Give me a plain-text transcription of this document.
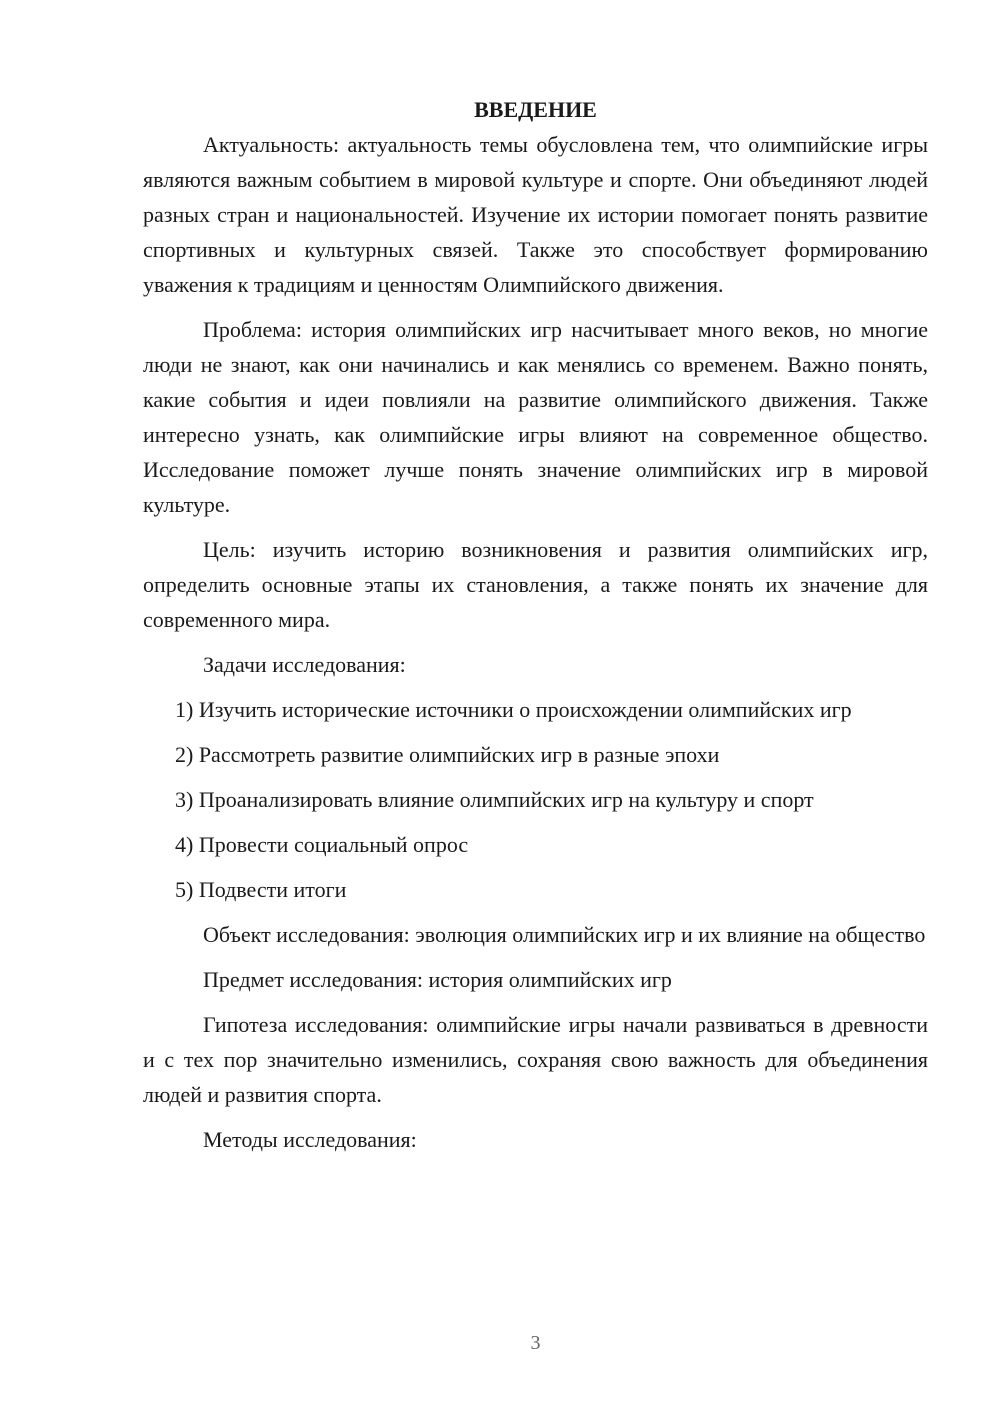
ВВЕДЕНИЕ

Актуальность: актуальность темы обусловлена тем, что олимпийские игры являются важным событием в мировой культуре и спорте. Они объединяют людей разных стран и национальностей. Изучение их истории помогает понять развитие спортивных и культурных связей. Также это способствует формированию уважения к традициям и ценностям Олимпийского движения.

Проблема: история олимпийских игр насчитывает много веков, но многие люди не знают, как они начинались и как менялись со временем. Важно понять, какие события и идеи повлияли на развитие олимпийского движения. Также интересно узнать, как олимпийские игры влияют на современное общество. Исследование поможет лучше понять значение олимпийских игр в мировой культуре.

Цель: изучить историю возникновения и развития олимпийских игр, определить основные этапы их становления, а также понять их значение для современного мира.

Задачи исследования:

1) Изучить исторические источники о происхождении олимпийских игр

2) Рассмотреть развитие олимпийских игр в разные эпохи

3) Проанализировать влияние олимпийских игр на культуру и спорт

4) Провести социальный опрос

5) Подвести итоги

Объект исследования: эволюция олимпийских игр и их влияние на общество

Предмет исследования: история олимпийских игр

Гипотеза исследования: олимпийские игры начали развиваться в древности и с тех пор значительно изменились, сохраняя свою важность для объединения людей и развития спорта.

Методы исследования:

3
